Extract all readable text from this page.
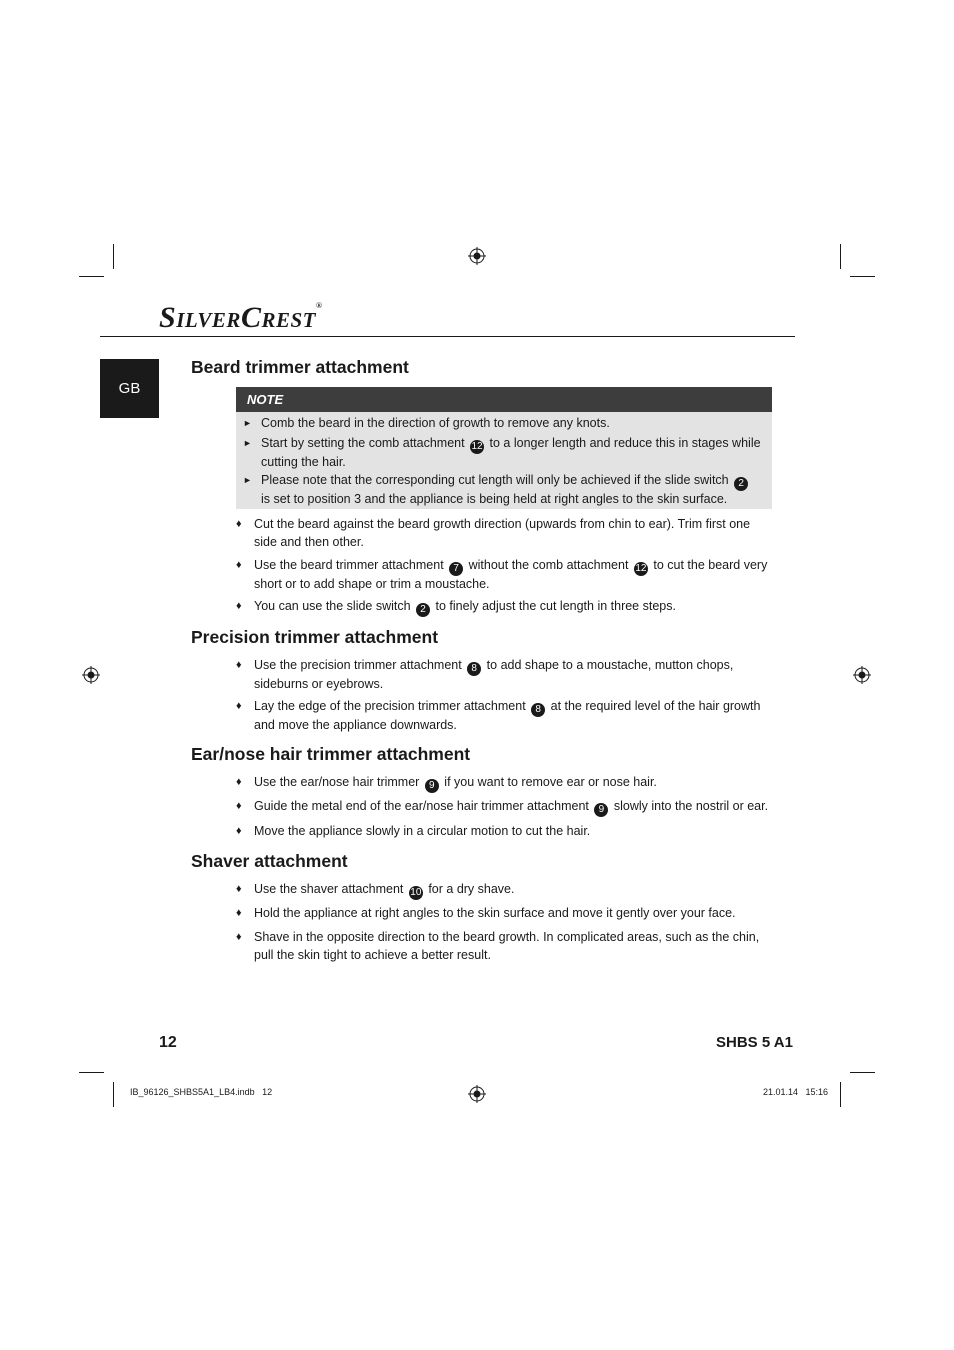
SILVERCREST®
GB
Beard trimmer attachment
Precision trimmer attachment
Ear/nose hair trimmer attachment
Shaver attachment
NOTE
► Comb the beard in the direction of growth to remove any knots.
► Start by setting the comb attachment 12 to a longer length and reduce this in stages while cutting the hair.
► Please note that the corresponding cut length will only be achieved if the slide switch 2 is set to position 3 and the appliance is being held at right angles to the skin surface.
♦ Cut the beard against the beard growth direction (upwards from chin to ear). Trim first one side and then other.
♦ Use the beard trimmer attachment 7 without the comb attachment 12 to cut the beard very short or to add shape or trim a moustache.
♦ You can use the slide switch 2 to finely adjust the cut length in three steps.
♦ Use the precision trimmer attachment 8 to add shape to a moustache, mutton chops, sideburns or eyebrows.
♦ Lay the edge of the precision trimmer attachment 8 at the required level of the hair growth and move the appliance downwards.
♦ Use the ear/nose hair trimmer 9 if you want to remove ear or nose hair.
♦ Guide the metal end of the ear/nose hair trimmer attachment 9 slowly into the nostril or ear.
♦ Move the appliance slowly in a circular motion to cut the hair.
♦ Use the shaver attachment 10 for a dry shave.
♦ Hold the appliance at right angles to the skin surface and move it gently over your face.
♦ Shave in the opposite direction to the beard growth. In complicated areas, such as the chin, pull the skin tight to achieve a better result.
12	SHBS 5 A1
IB_96126_SHBS5A1_LB4.indb   12	21.01.14   15:16
